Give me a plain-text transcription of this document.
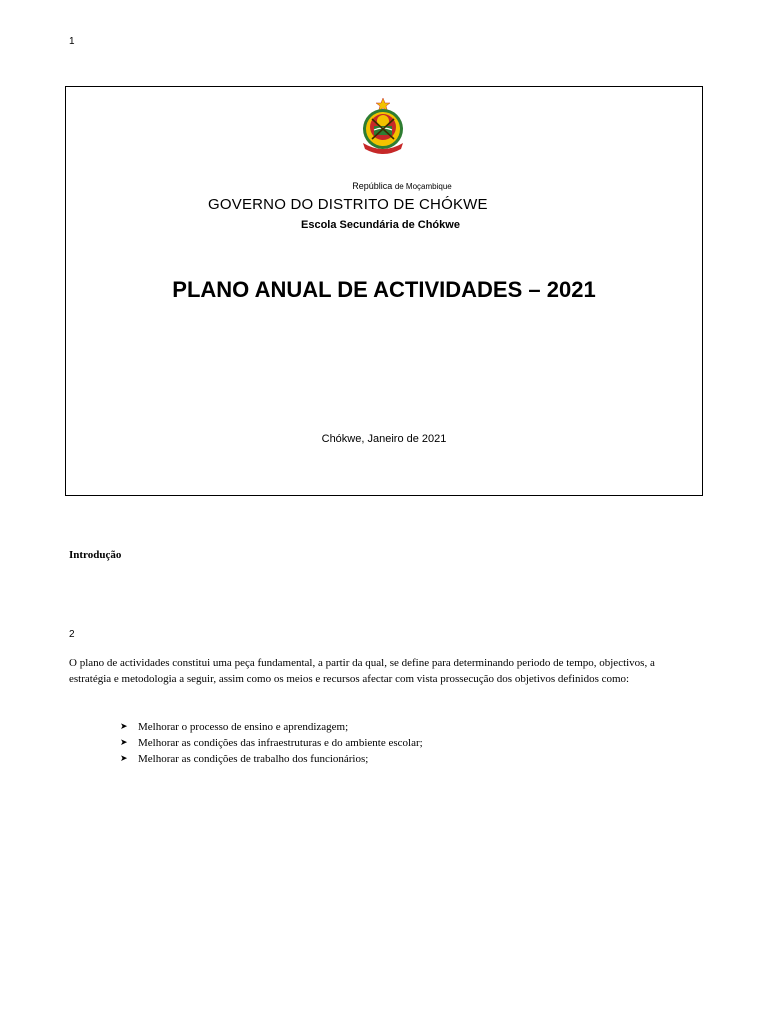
1
República de Moçambique
GOVERNO DO DISTRITO DE CHÓKWE
Escola Secundária de Chókwe
PLANO ANUAL DE ACTIVIDADES – 2021
Chókwe, Janeiro de 2021
Introdução
2
O plano de actividades constitui uma peça fundamental, a partir da qual, se define para determinando periodo de tempo, objectivos, a estratégia e metodologia a seguir, assim como os meios e recursos afectar com vista prossecução dos objetivos definidos como:
➤ Melhorar o processo de ensino e aprendizagem;
➤ Melhorar as condições das infraestruturas e do ambiente escolar;
➤ Melhorar as condições de trabalho dos funcionários;
